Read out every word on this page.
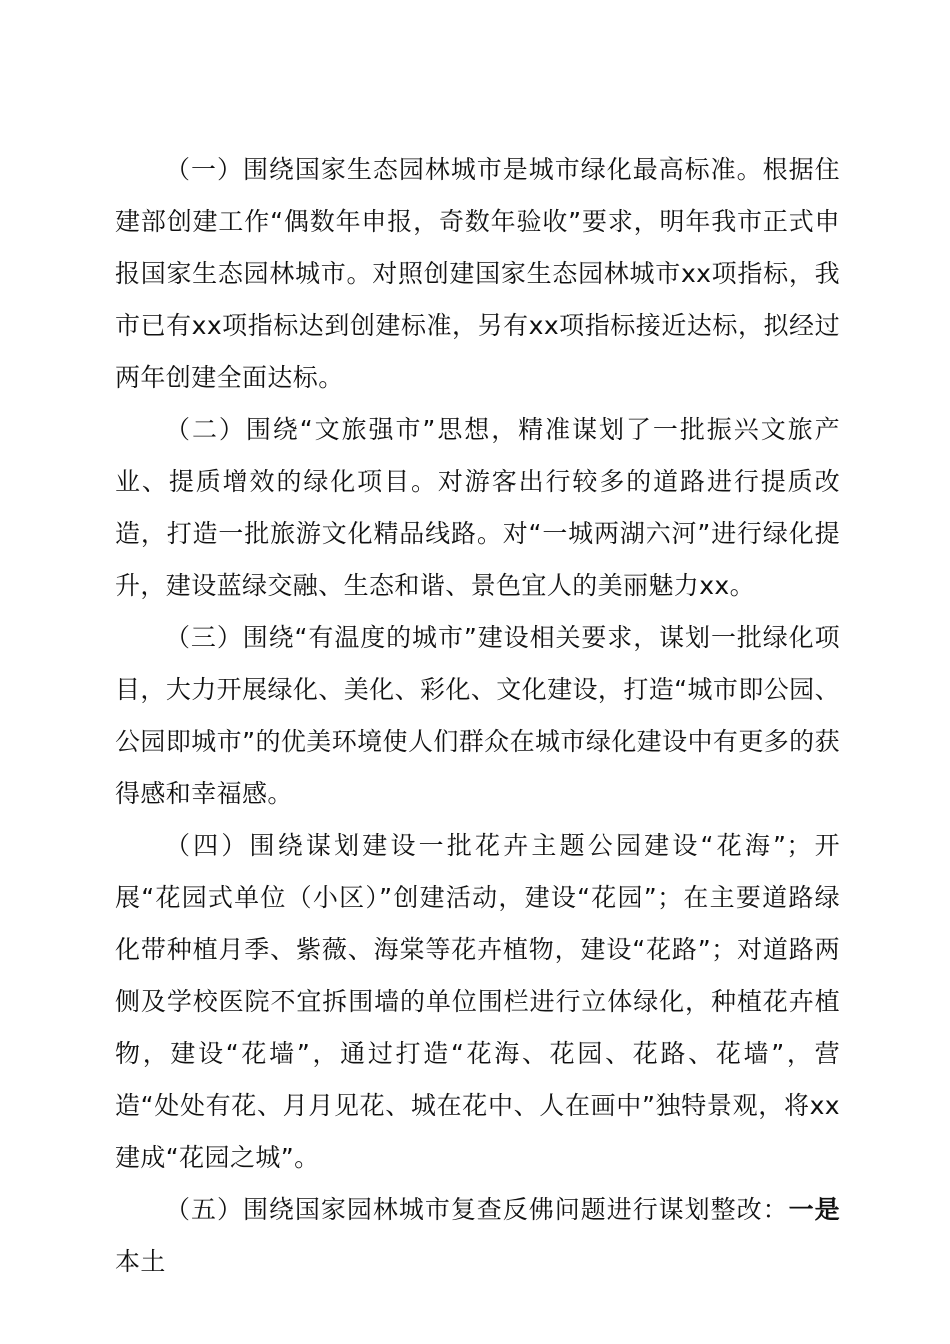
（一）围绕国家生态园林城市是城市绿化最高标准。根据住建部创建工作“偶数年申报，奇数年验收”要求，明年我市正式申报国家生态园林城市。对照创建国家生态园林城市xx项指标，我市已有xx项指标达到创建标准，另有xx项指标接近达标，拟经过两年创建全面达标。

（二）围绕“文旅强市”思想，精准谋划了一批振兴文旅产业、提质增效的绿化项目。对游客出行较多的道路进行提质改造，打造一批旅游文化精品线路。对“一城两湖六河”进行绿化提升，建设蓝绿交融、生态和谐、景色宜人的美丽魅力xx。

（三）围绕“有温度的城市”建设相关要求，谋划一批绿化项目，大力开展绿化、美化、彩化、文化建设，打造“城市即公园、公园即城市”的优美环境使人们群众在城市绿化建设中有更多的获得感和幸福感。

（四）围绕谋划建设一批花卉主题公园建设“花海”；开展“花园式单位（小区）”创建活动，建设“花园”；在主要道路绿化带种植月季、紫薇、海棠等花卉植物，建设“花路”；对道路两侧及学校医院不宜拆围墙的单位围栏进行立体绿化，种植花卉植物，建设“花墙”，通过打造“花海、花园、花路、花墙”，营造“处处有花、月月见花、城在花中、人在画中”独特景观，将xx建成“花园之城”。

（五）围绕国家园林城市复查反佛问题进行谋划整改：一是本土
